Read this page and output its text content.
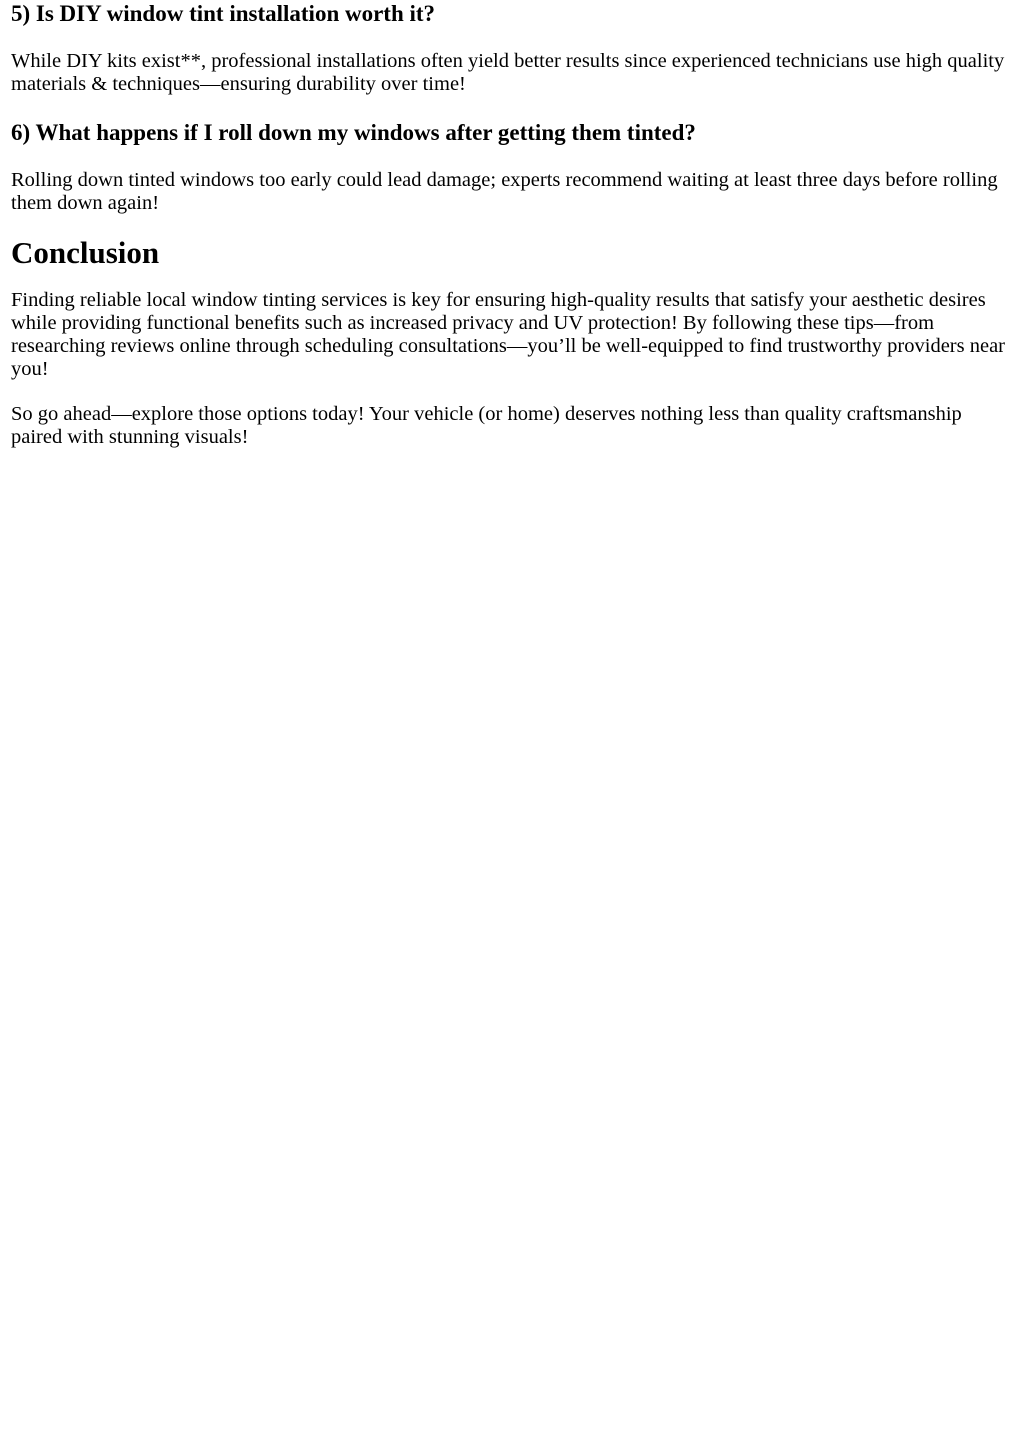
5) Is DIY window tint installation worth it?

While DIY kits exist**, professional installations often yield better results since experienced technicians use high quality materials & techniques—ensuring durability over time!

6) What happens if I roll down my windows after getting them tinted?

Rolling down tinted windows too early could lead damage; experts recommend waiting at least three days before rolling them down again!

Conclusion

Finding reliable local window tinting services is key for ensuring high-quality results that satisfy your aesthetic desires while providing functional benefits such as increased privacy and UV protection! By following these tips—from researching reviews online through scheduling consultations—you’ll be well-equipped to find trustworthy providers near you!

So go ahead—explore those options today! Your vehicle (or home) deserves nothing less than quality craftsmanship paired with stunning visuals!
